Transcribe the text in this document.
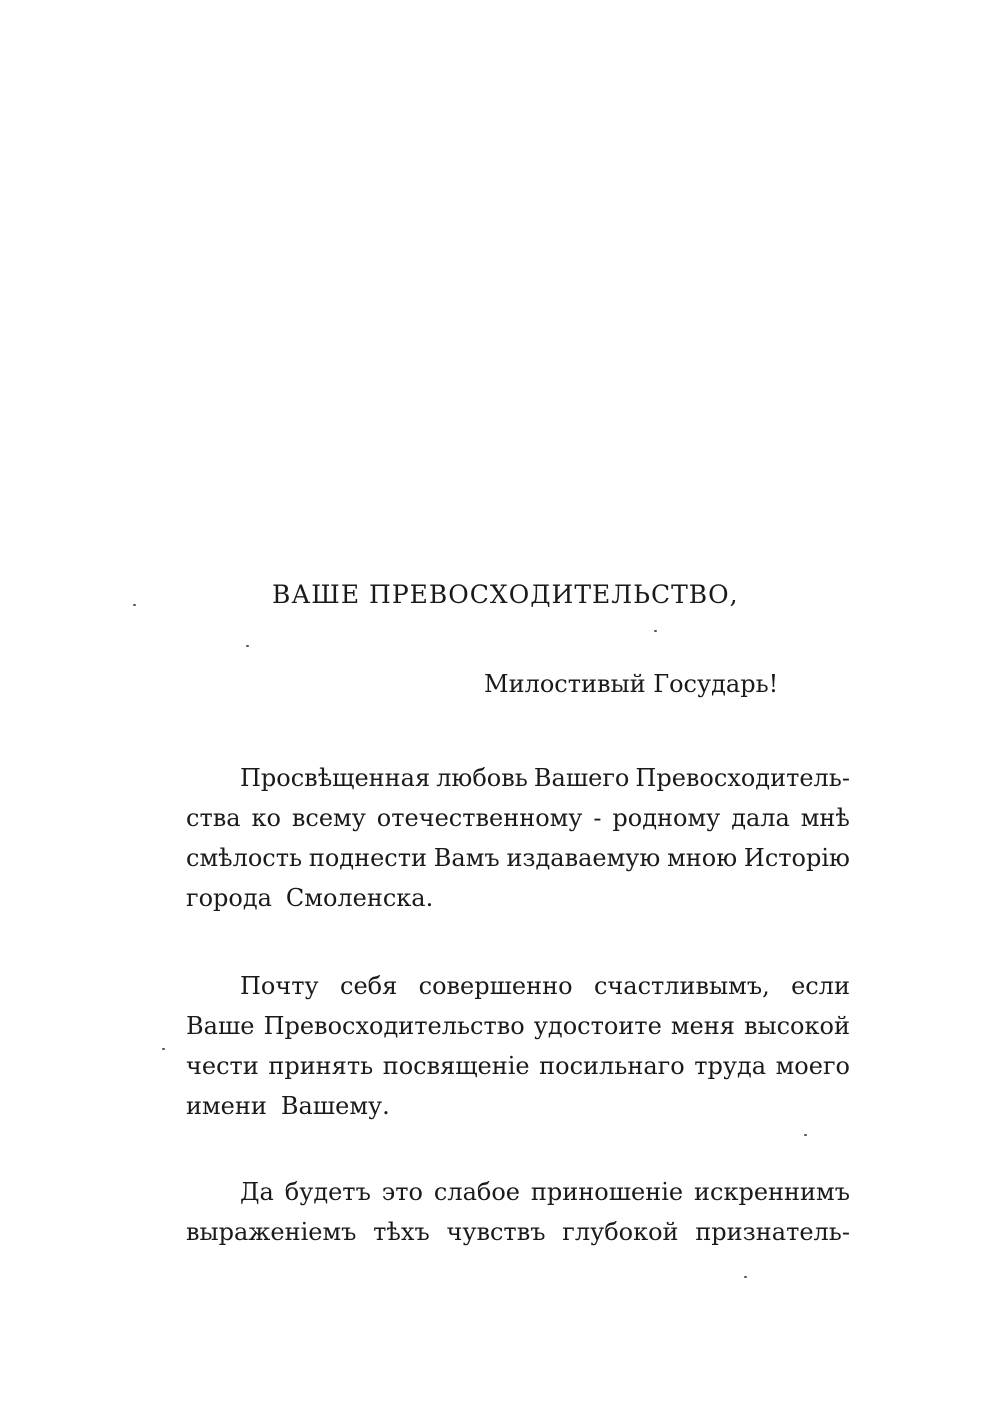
ВАШЕ ПРЕВОСХОДИТЕЛЬСТВО,
Милостивый Государь!
Просвѣщенная любовь Вашего Превосходитель-
ства ко всему отечественному - родному дала мнѣ
смѣлость поднести Вамъ издаваемую мною Исторію
города Смоленска.
Почту себя совершенно счастливымъ, если
Ваше Превосходительство удостоите меня высокой
чести принять посвященіе посильнаго труда моего
имени Вашему.
Да будетъ это слабое приношеніе искреннимъ
выраженіемъ тѣхъ чувствъ глубокой признатель-
